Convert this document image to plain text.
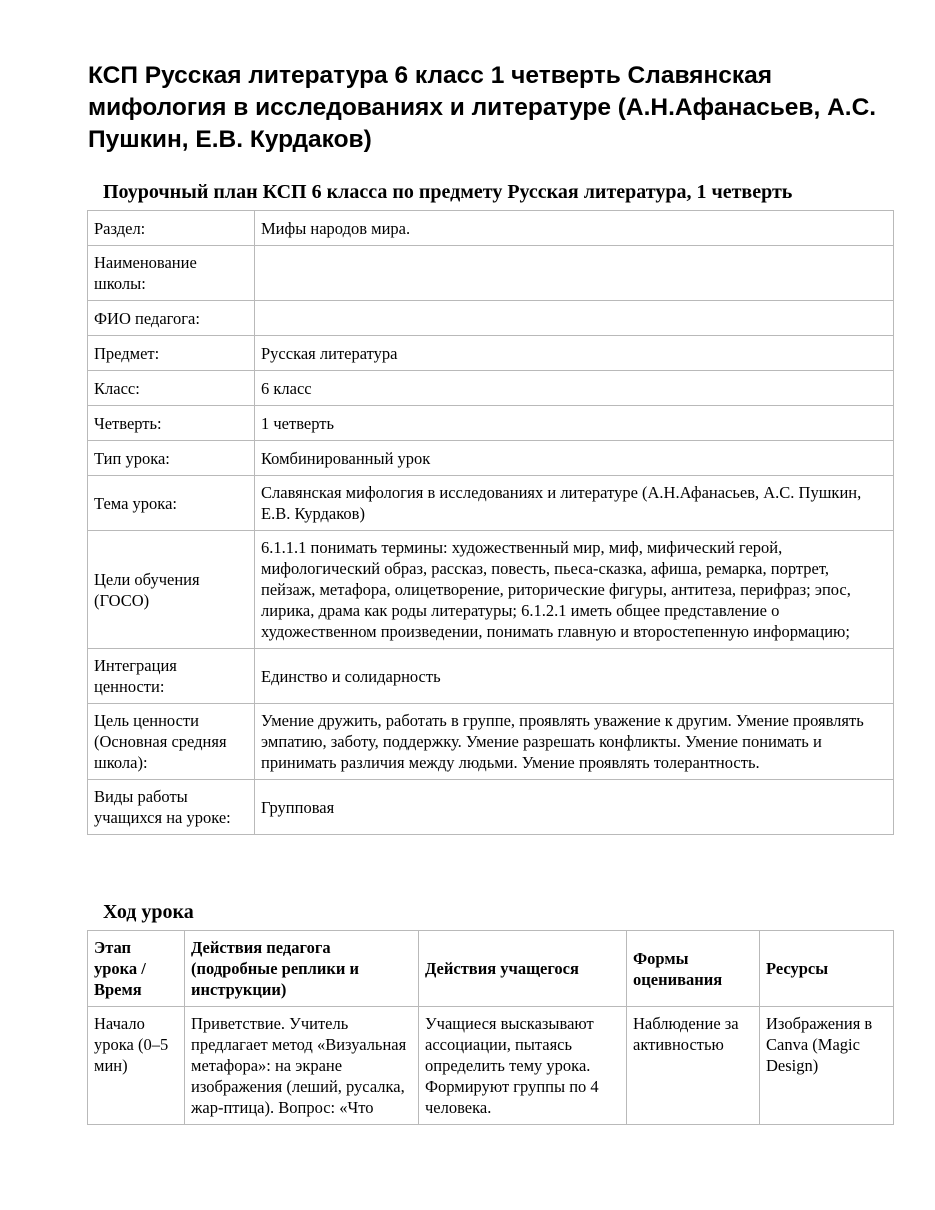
КСП Русская литература 6 класс 1 четверть Славянская мифология в исследованиях и литературе (А.Н.Афанасьев, А.С. Пушкин, Е.В. Курдаков)
Поурочный план КСП 6 класса по предмету Русская литература, 1 четверть
Раздел:	Мифы народов мира.
Наименование школы:	
ФИО педагога:	
Предмет:	Русская литература
Класс:	6 класс
Четверть:	1 четверть
Тип урока:	Комбинированный урок
Тема урока:	Славянская мифология в исследованиях и литературе (А.Н.Афанасьев, А.С. Пушкин, Е.В. Курдаков)
Цели обучения (ГОСО)	6.1.1.1 понимать термины: художественный мир, миф, мифический герой, мифологический образ, рассказ, повесть, пьеса-сказка, афиша, ремарка, портрет, пейзаж, метафора, олицетворение, риторические фигуры, антитеза, перифраз; эпос, лирика, драма как роды литературы; 6.1.2.1 иметь общее представление о художественном произведении, понимать главную и второстепенную информацию;
Интеграция ценности:	Единство и солидарность
Цель ценности (Основная средняя школа):	Умение дружить, работать в группе, проявлять уважение к другим. Умение проявлять эмпатию, заботу, поддержку. Умение разрешать конфликты. Умение понимать и принимать различия между людьми. Умение проявлять толерантность.
Виды работы учащихся на уроке:	Групповая
Ход урока
Этап урока / Время	Действия педагога (подробные реплики и инструкции)	Действия учащегося	Формы оценивания	Ресурсы
Начало урока (0–5 мин)	Приветствие. Учитель предлагает метод «Визуальная метафора»: на экране изображения (леший, русалка, жар-птица). Вопрос: «Что	Учащиеся высказывают ассоциации, пытаясь определить тему урока. Формируют группы по 4 человека.	Наблюдение за активностью	Изображения в Canva (Magic Design)
